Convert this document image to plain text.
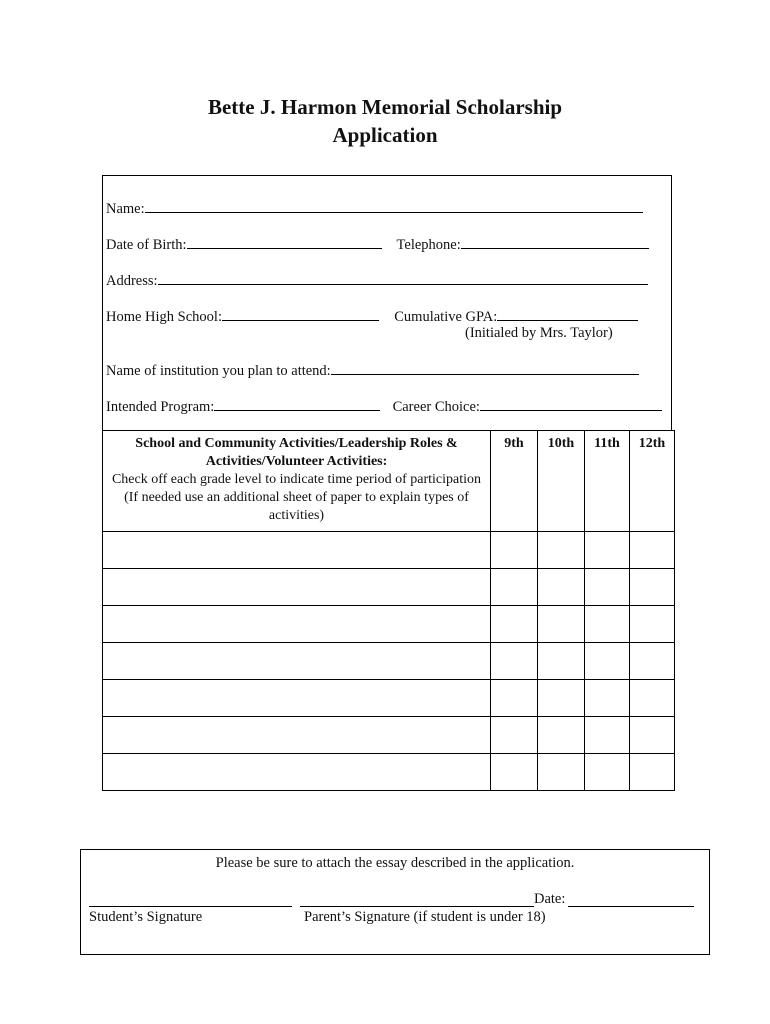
Bette J. Harmon Memorial Scholarship
Application
Name:
Date of Birth:	Telephone:
Address:
Home High School:	Cumulative GPA:
(Initialed by Mrs. Taylor)
Name of institution you plan to attend:
Intended Program:	Career Choice:
School and Community Activities/Leadership Roles & Activities/Volunteer Activities:
Check off each grade level to indicate time period of participation
(If needed use an additional sheet of paper to explain types of activities)	9th	10th	11th	12th

Please be sure to attach the essay described in the application.
Date:
Student’s Signature	Parent’s Signature (if student is under 18)
